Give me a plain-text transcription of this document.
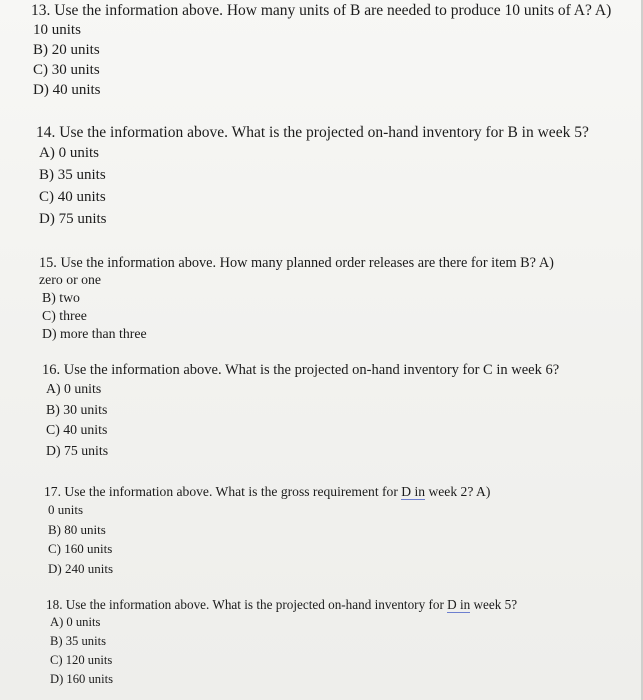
13. Use the information above. How many units of B are needed to produce 10 units of A? A)

10 units

B) 20 units

C) 30 units

D) 40 units

14. Use the information above. What is the projected on-hand inventory for B in week 5?

A) 0 units

B) 35 units

C) 40 units

D) 75 units

15. Use the information above. How many planned order releases are there for item B? A)

zero or one

B) two

C) three

D) more than three

16. Use the information above. What is the projected on-hand inventory for C in week 6?

A) 0 units

B) 30 units

C) 40 units

D) 75 units

17. Use the information above. What is the gross requirement for D in week 2? A)

0 units

B) 80 units

C) 160 units

D) 240 units

18. Use the information above. What is the projected on-hand inventory for D in week 5?

A) 0 units

B) 35 units

C) 120 units

D) 160 units
